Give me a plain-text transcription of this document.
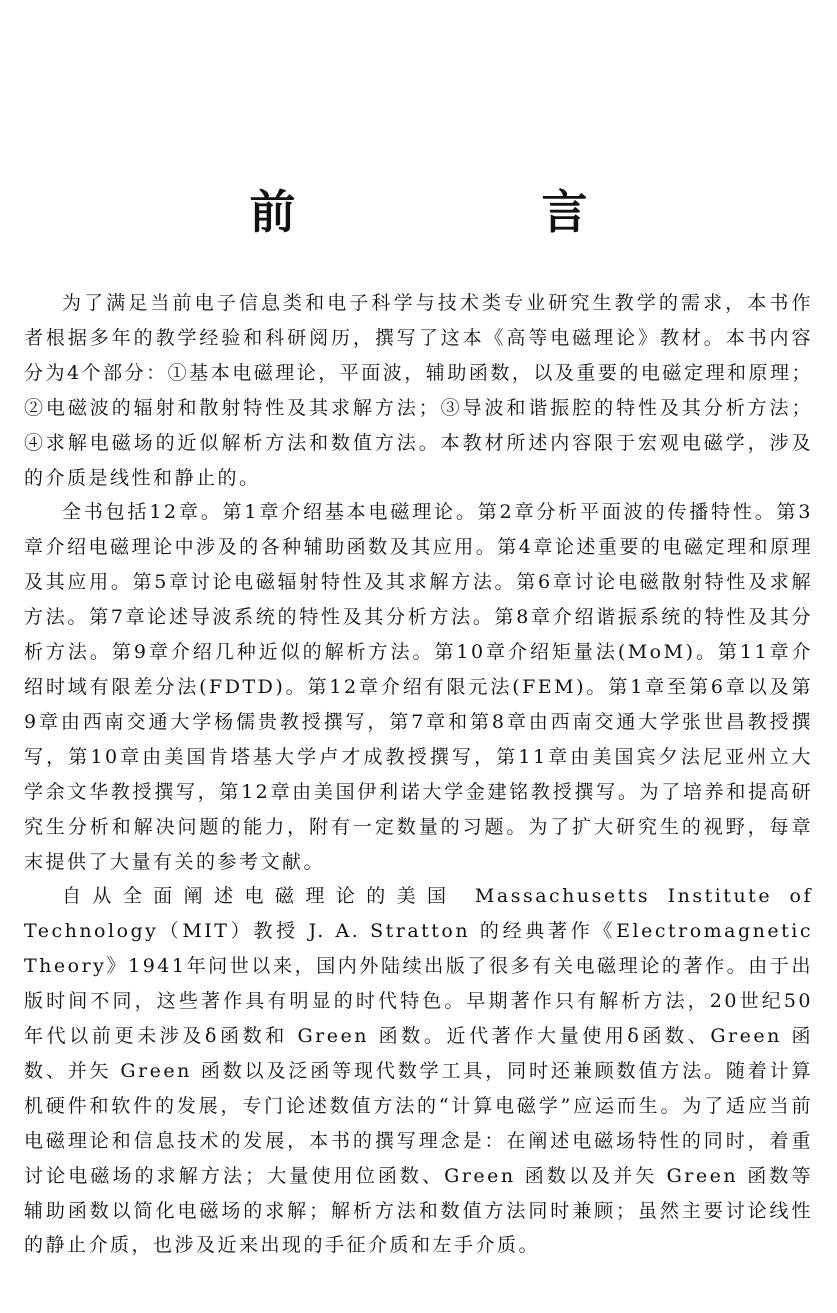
前　言

为了满足当前电子信息类和电子科学与技术类专业研究生教学的需求，本书作者根据多年的教学经验和科研阅历，撰写了这本《高等电磁理论》教材。本书内容分为4个部分：①基本电磁理论，平面波，辅助函数，以及重要的电磁定理和原理；②电磁波的辐射和散射特性及其求解方法；③导波和谐振腔的特性及其分析方法；④求解电磁场的近似解析方法和数值方法。本教材所述内容限于宏观电磁学，涉及的介质是线性和静止的。

全书包括12章。第1章介绍基本电磁理论。第2章分析平面波的传播特性。第3章介绍电磁理论中涉及的各种辅助函数及其应用。第4章论述重要的电磁定理和原理及其应用。第5章讨论电磁辐射特性及其求解方法。第6章讨论电磁散射特性及求解方法。第7章论述导波系统的特性及其分析方法。第8章介绍谐振系统的特性及其分析方法。第9章介绍几种近似的解析方法。第10章介绍矩量法(MoM)。第11章介绍时域有限差分法(FDTD)。第12章介绍有限元法(FEM)。第1章至第6章以及第9章由西南交通大学杨儒贵教授撰写，第7章和第8章由西南交通大学张世昌教授撰写，第10章由美国肯塔基大学卢才成教授撰写，第11章由美国宾夕法尼亚州立大学余文华教授撰写，第12章由美国伊利诺大学金建铭教授撰写。为了培养和提高研究生分析和解决问题的能力，附有一定数量的习题。为了扩大研究生的视野，每章末提供了大量有关的参考文献。

自从全面阐述电磁理论的美国 Massachusetts Institute of Technology（MIT）教授 J. A. Stratton 的经典著作《Electromagnetic Theory》1941年问世以来，国内外陆续出版了很多有关电磁理论的著作。由于出版时间不同，这些著作具有明显的时代特色。早期著作只有解析方法，20世纪50年代以前更未涉及δ函数和 Green 函数。近代著作大量使用δ函数、Green 函数、并矢 Green 函数以及泛函等现代数学工具，同时还兼顾数值方法。随着计算机硬件和软件的发展，专门论述数值方法的“计算电磁学”应运而生。为了适应当前电磁理论和信息技术的发展，本书的撰写理念是：在阐述电磁场特性的同时，着重讨论电磁场的求解方法；大量使用位函数、Green 函数以及并矢 Green 函数等辅助函数以简化电磁场的求解；解析方法和数值方法同时兼顾；虽然主要讨论线性的静止介质，也涉及近来出现的手征介质和左手介质。
